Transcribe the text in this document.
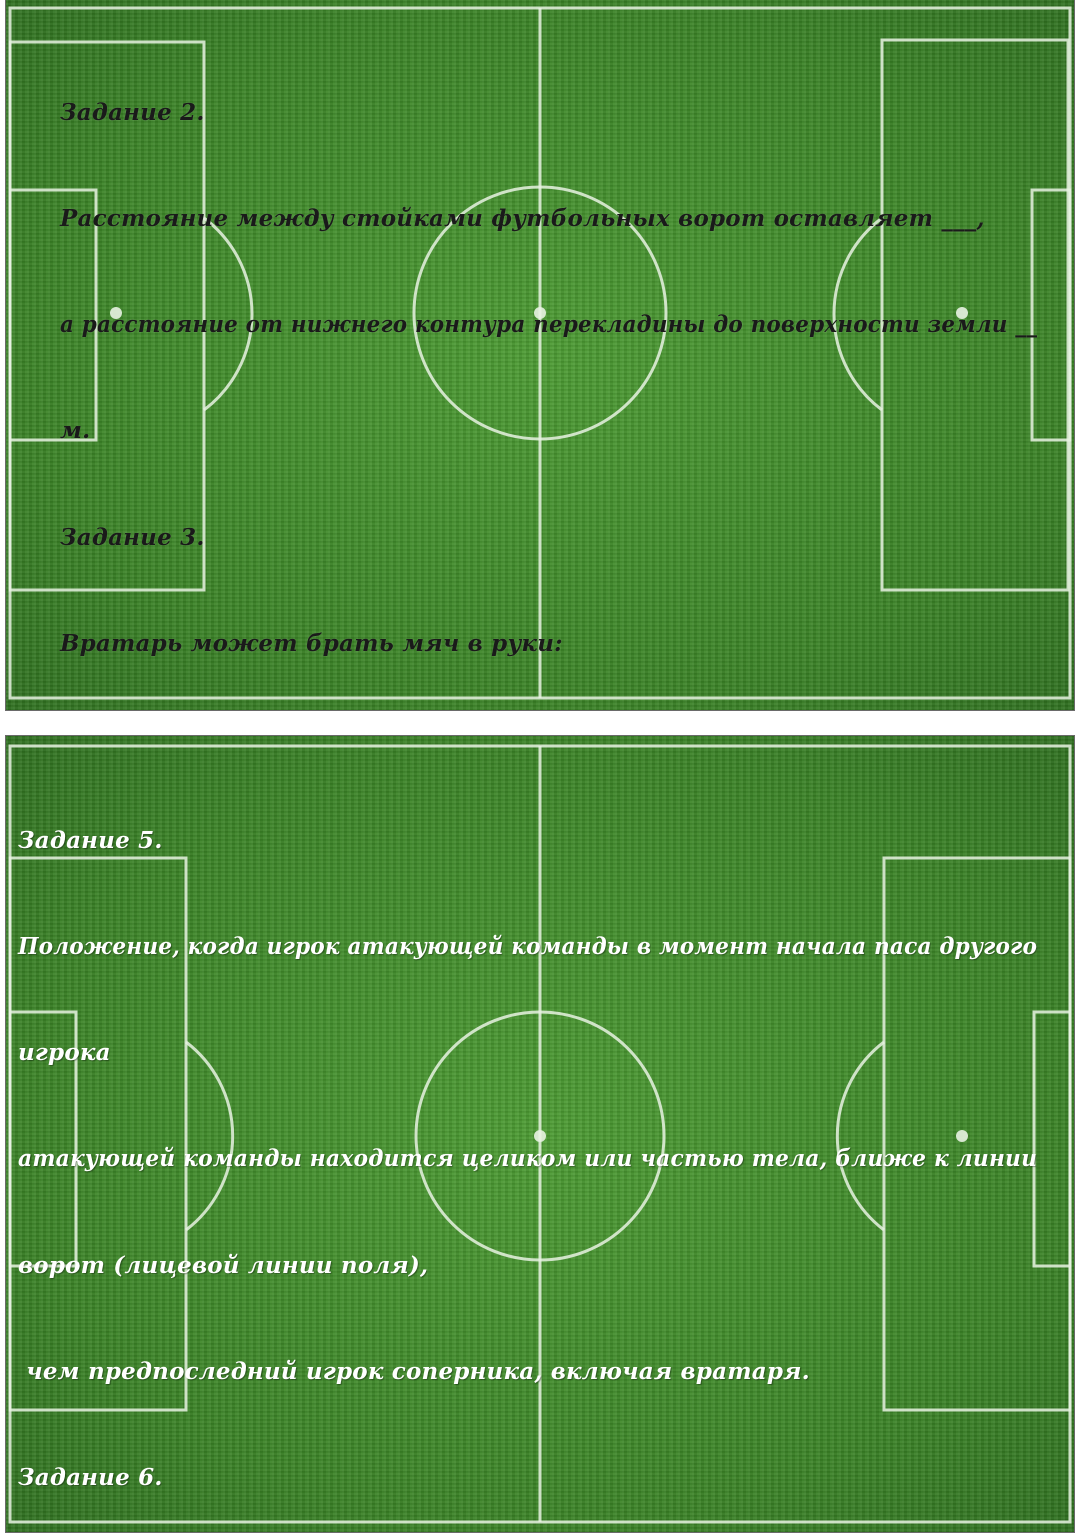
Задание 2.

Расстояние между стойками футбольных ворот оставляет ___,

а расстояние от нижнего контура перекладины до поверхности земли __

м.

Задание 3.

Вратарь может брать мяч в руки:

Задание 5.

Положение, когда игрок атакующей команды в момент начала паса другого

игрока

атакующей команды находится целиком или частью тела, ближе к линии

ворот (лицевой линии поля),

чем предпоследний игрок соперника, включая вратаря.

Задание 6.
